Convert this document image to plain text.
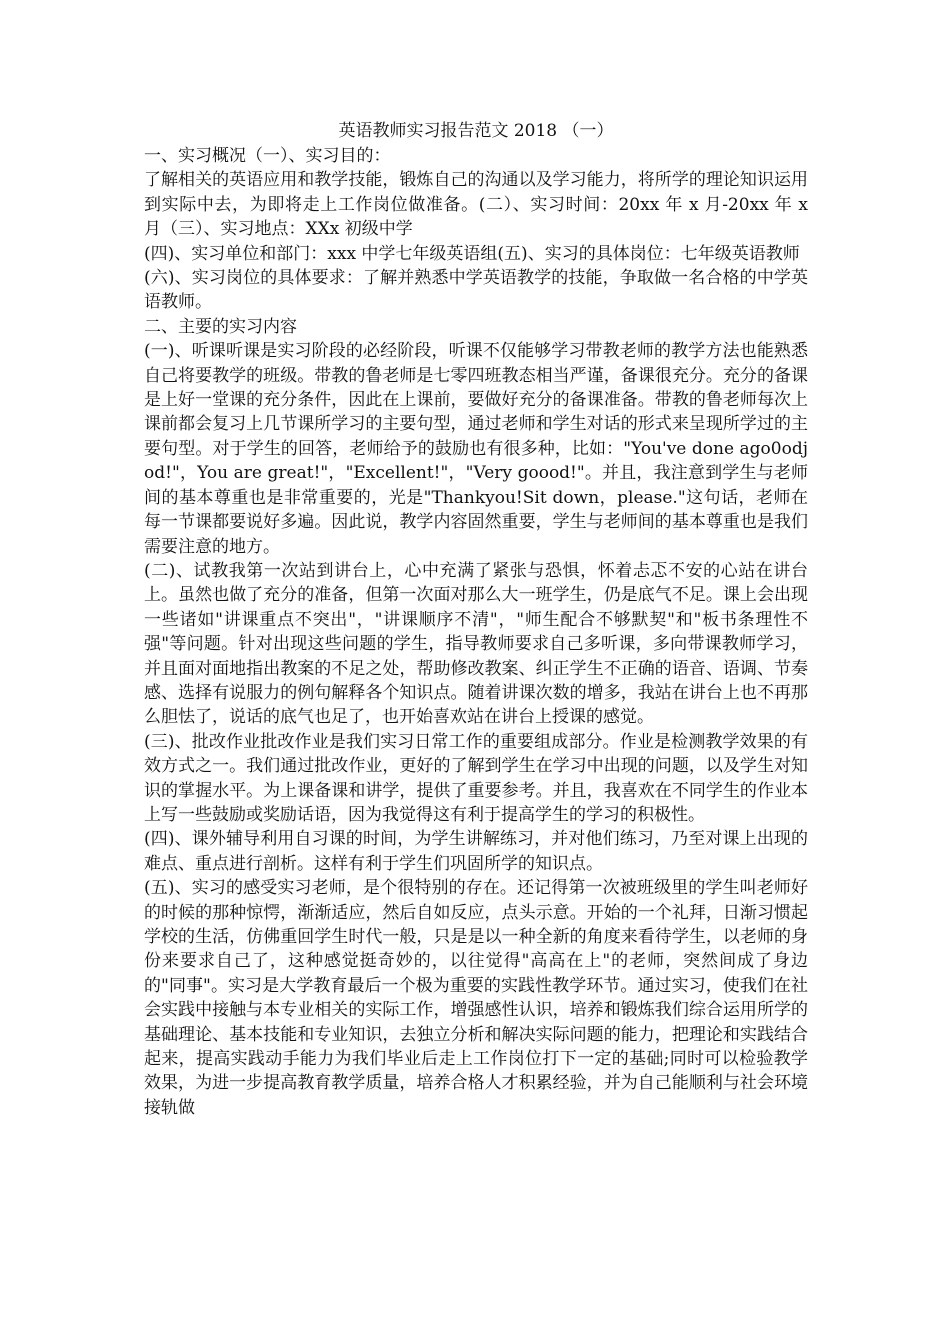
英语教师实习报告范文 2018 （一）

一、实习概况（一）、实习目的：

了解相关的英语应用和教学技能，锻炼自己的沟通以及学习能力，将所学的理论知识运用到实际中去，为即将走上工作岗位做准备。(二）、实习时间：20xx 年 x 月-20xx 年 x 月（三）、实习地点：XXx 初级中学

(四)、实习单位和部门：xxx 中学七年级英语组(五)、实习的具体岗位：七年级英语教师

(六)、实习岗位的具体要求：了解并熟悉中学英语教学的技能，争取做一名合格的中学英语教师。

二、主要的实习内容

(一)、听课听课是实习阶段的必经阶段，听课不仅能够学习带教老师的教学方法也能熟悉自己将要教学的班级。带教的鲁老师是七零四班教态相当严谨，备课很充分。充分的备课是上好一堂课的充分条件，因此在上课前，要做好充分的备课准备。带教的鲁老师每次上课前都会复习上几节课所学习的主要句型，通过老师和学生对话的形式来呈现所学过的主要句型。对于学生的回答，老师给予的鼓励也有很多种，比如："You've done ago0odjod!"，You are great!"，"Excellent!"，"Very goood!"。并且，我注意到学生与老师间的基本尊重也是非常重要的，光是"Thankyou!Sit down，please."这句话，老师在每一节课都要说好多遍。因此说，教学内容固然重要，学生与老师间的基本尊重也是我们需要注意的地方。

(二)、试教我第一次站到讲台上，心中充满了紧张与恐惧，怀着忐忑不安的心站在讲台上。虽然也做了充分的准备，但第一次面对那么大一班学生，仍是底气不足。课上会出现一些诸如"讲课重点不突出"，"讲课顺序不清"，"师生配合不够默契"和"板书条理性不强"等问题。针对出现这些问题的学生，指导教师要求自己多听课，多向带课教师学习，并且面对面地指出教案的不足之处，帮助修改教案、纠正学生不正确的语音、语调、节奏感、选择有说服力的例句解释各个知识点。随着讲课次数的增多，我站在讲台上也不再那么胆怯了，说话的底气也足了，也开始喜欢站在讲台上授课的感觉。

(三)、批改作业批改作业是我们实习日常工作的重要组成部分。作业是检测教学效果的有效方式之一。我们通过批改作业，更好的了解到学生在学习中出现的问题，以及学生对知识的掌握水平。为上课备课和讲学，提供了重要参考。并且，我喜欢在不同学生的作业本上写一些鼓励或奖励话语，因为我觉得这有利于提高学生的学习的积极性。

(四)、课外辅导利用自习课的时间，为学生讲解练习，并对他们练习，乃至对课上出现的难点、重点进行剖析。这样有利于学生们巩固所学的知识点。

(五)、实习的感受实习老师，是个很特别的存在。还记得第一次被班级里的学生叫老师好的时候的那种惊愕，渐渐适应，然后自如反应，点头示意。开始的一个礼拜，日渐习惯起学校的生活，仿佛重回学生时代一般，只是是以一种全新的角度来看待学生，以老师的身份来要求自己了，这种感觉挺奇妙的，以往觉得"高高在上"的老师，突然间成了身边的"同事"。实习是大学教育最后一个极为重要的实践性教学环节。通过实习，使我们在社会实践中接触与本专业相关的实际工作，增强感性认识，培养和锻炼我们综合运用所学的基础理论、基本技能和专业知识，去独立分析和解决实际问题的能力，把理论和实践结合起来，提高实践动手能力为我们毕业后走上工作岗位打下一定的基础;同时可以检验教学效果，为进一步提高教育教学质量，培养合格人才积累经验，并为自己能顺利与社会环境接轨做
